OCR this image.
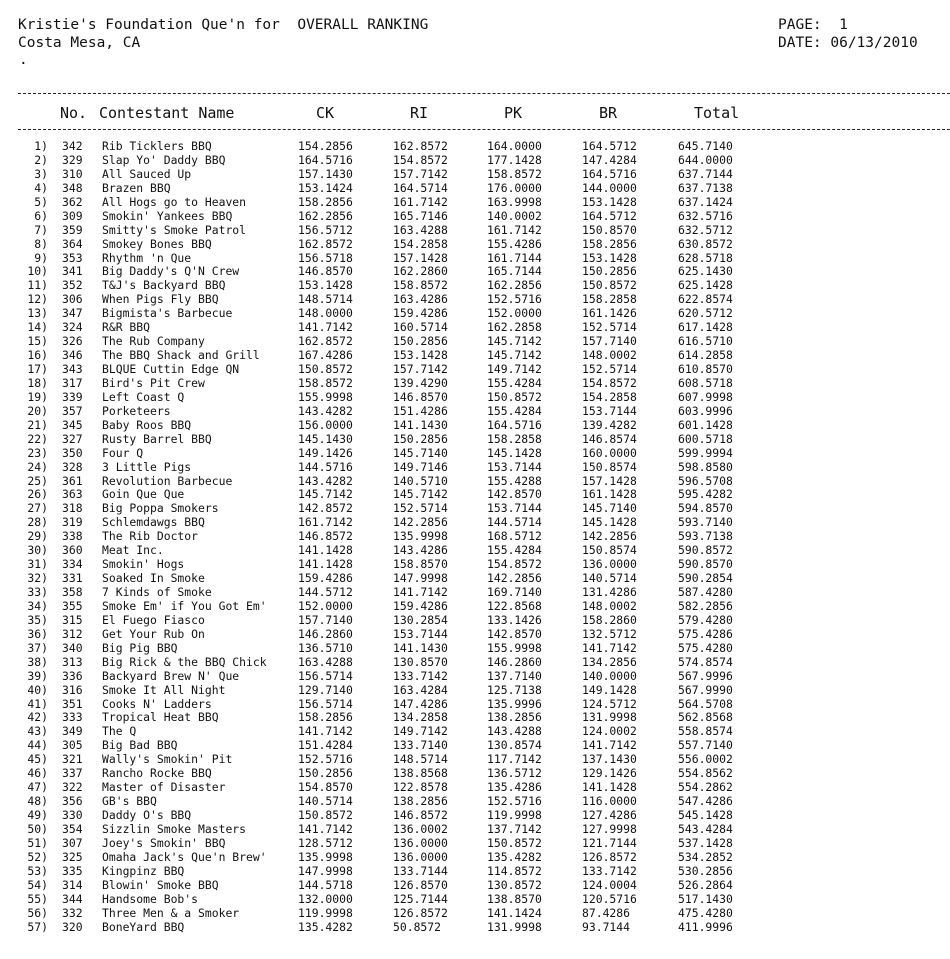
Kristie's Foundation Que'n for  OVERALL RANKING
Costa Mesa, CA
.
PAGE:  1
DATE: 06/13/2010
No. Contestant Name	CK	RI	PK	BR	Total
1) 342 Rib Ticklers BBQ	154.2856	162.8572	164.0000	164.5712	645.7140
2) 329 Slap Yo' Daddy BBQ	164.5716	154.8572	177.1428	147.4284	644.0000
3) 310 All Sauced Up	157.1430	157.7142	158.8572	164.5716	637.7144
4) 348 Brazen BBQ	153.1424	164.5714	176.0000	144.0000	637.7138
5) 362 All Hogs go to Heaven	158.2856	161.7142	163.9998	153.1428	637.1424
6) 309 Smokin' Yankees BBQ	162.2856	165.7146	140.0002	164.5712	632.5716
7) 359 Smitty's Smoke Patrol	156.5712	163.4288	161.7142	150.8570	632.5712
8) 364 Smokey Bones BBQ	162.8572	154.2858	155.4286	158.2856	630.8572
9) 353 Rhythm 'n Que	156.5718	157.1428	161.7144	153.1428	628.5718
10) 341 Big Daddy's Q'N Crew	146.8570	162.2860	165.7144	150.2856	625.1430
11) 352 T&J's Backyard BBQ	153.1428	158.8572	162.2856	150.8572	625.1428
12) 306 When Pigs Fly BBQ	148.5714	163.4286	152.5716	158.2858	622.8574
13) 347 Bigmista's Barbecue	148.0000	159.4286	152.0000	161.1426	620.5712
14) 324 R&R BBQ	141.7142	160.5714	162.2858	152.5714	617.1428
15) 326 The Rub Company	162.8572	150.2856	145.7142	157.7140	616.5710
16) 346 The BBQ Shack and Grill	167.4286	153.1428	145.7142	148.0002	614.2858
17) 343 BLQUE Cuttin Edge QN	150.8572	157.7142	149.7142	152.5714	610.8570
18) 317 Bird's Pit Crew	158.8572	139.4290	155.4284	154.8572	608.5718
19) 339 Left Coast Q	155.9998	146.8570	150.8572	154.2858	607.9998
20) 357 Porketeers	143.4282	151.4286	155.4284	153.7144	603.9996
21) 345 Baby Roos BBQ	156.0000	141.1430	164.5716	139.4282	601.1428
22) 327 Rusty Barrel BBQ	145.1430	150.2856	158.2858	146.8574	600.5718
23) 350 Four Q	149.1426	145.7140	145.1428	160.0000	599.9994
24) 328 3 Little Pigs	144.5716	149.7146	153.7144	150.8574	598.8580
25) 361 Revolution Barbecue	143.4282	140.5710	155.4288	157.1428	596.5708
26) 363 Goin Que Que	145.7142	145.7142	142.8570	161.1428	595.4282
27) 318 Big Poppa Smokers	142.8572	152.5714	153.7144	145.7140	594.8570
28) 319 Schlemdawgs BBQ	161.7142	142.2856	144.5714	145.1428	593.7140
29) 338 The Rib Doctor	146.8572	135.9998	168.5712	142.2856	593.7138
30) 360 Meat Inc.	141.1428	143.4286	155.4284	150.8574	590.8572
31) 334 Smokin' Hogs	141.1428	158.8570	154.8572	136.0000	590.8570
32) 331 Soaked In Smoke	159.4286	147.9998	142.2856	140.5714	590.2854
33) 358 7 Kinds of Smoke	144.5712	141.7142	169.7140	131.4286	587.4280
34) 355 Smoke Em' if You Got Em'	152.0000	159.4286	122.8568	148.0002	582.2856
35) 315 El Fuego Fiasco	157.7140	130.2854	133.1426	158.2860	579.4280
36) 312 Get Your Rub On	146.2860	153.7144	142.8570	132.5712	575.4286
37) 340 Big Pig BBQ	136.5710	141.1430	155.9998	141.7142	575.4280
38) 313 Big Rick & the BBQ Chick	163.4288	130.8570	146.2860	134.2856	574.8574
39) 336 Backyard Brew N' Que	156.5714	133.7142	137.7140	140.0000	567.9996
40) 316 Smoke It All Night	129.7140	163.4284	125.7138	149.1428	567.9990
41) 351 Cooks N' Ladders	156.5714	147.4286	135.9996	124.5712	564.5708
42) 333 Tropical Heat BBQ	158.2856	134.2858	138.2856	131.9998	562.8568
43) 349 The Q	141.7142	149.7142	143.4288	124.0002	558.8574
44) 305 Big Bad BBQ	151.4284	133.7140	130.8574	141.7142	557.7140
45) 321 Wally's Smokin' Pit	152.5716	148.5714	117.7142	137.1430	556.0002
46) 337 Rancho Rocke BBQ	150.2856	138.8568	136.5712	129.1426	554.8562
47) 322 Master of Disaster	154.8570	122.8578	135.4286	141.1428	554.2862
48) 356 GB's BBQ	140.5714	138.2856	152.5716	116.0000	547.4286
49) 330 Daddy O's BBQ	150.8572	146.8572	119.9998	127.4286	545.1428
50) 354 Sizzlin Smoke Masters	141.7142	136.0002	137.7142	127.9998	543.4284
51) 307 Joey's Smokin' BBQ	128.5712	136.0000	150.8572	121.7144	537.1428
52) 325 Omaha Jack's Que'n Brew'	135.9998	136.0000	135.4282	126.8572	534.2852
53) 335 Kingpinz BBQ	147.9998	133.7144	114.8572	133.7142	530.2856
54) 314 Blowin' Smoke BBQ	144.5718	126.8570	130.8572	124.0004	526.2864
55) 344 Handsome Bob's	132.0000	125.7144	138.8570	120.5716	517.1430
56) 332 Three Men & a Smoker	119.9998	126.8572	141.1424	87.4286	475.4280
57) 320 BoneYard BBQ	135.4282	50.8572	131.9998	93.7144	411.9996
